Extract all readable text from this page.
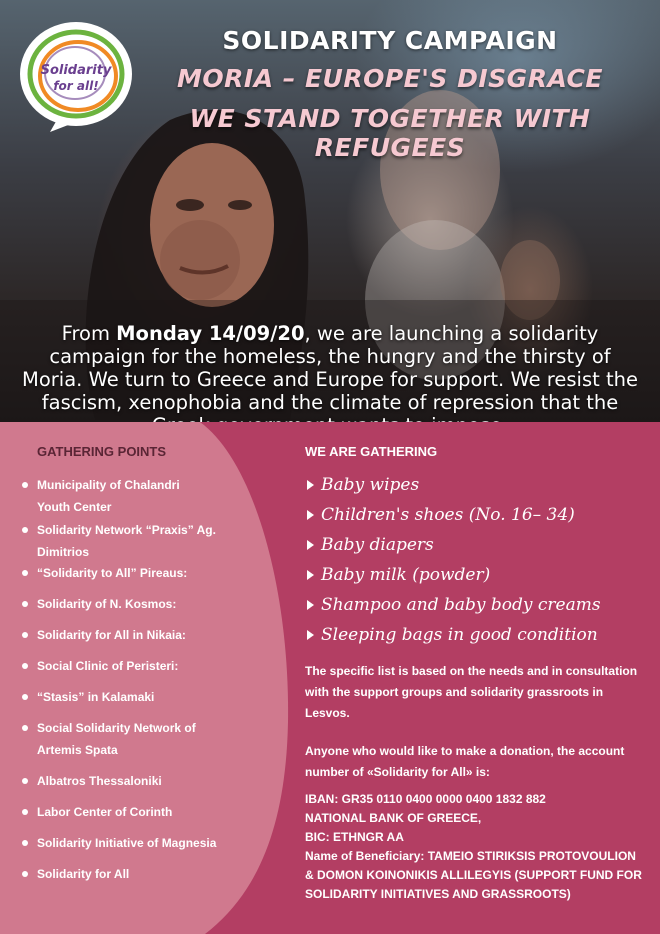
Solidarity
for all!
SOLIDARITY CAMPAIGN
MORIA – EUROPE'S DISGRACE
WE STAND TOGETHER WITH REFUGEES
From Monday 14/09/20, we are launching a solidarity campaign for the homeless, the hungry and the thirsty of Moria. We turn to Greece and Europe for support. We resist the fascism, xenophobia and the climate of repression that the
GATHERING POINTS
Municipality of Chalandri Youth Center
Solidarity Network “Praxis” Ag. Dimitrios
“Solidarity to All” Pireaus:
Solidarity of N. Kosmos:
Solidarity for All in Nikaia:
Social Clinic of Peristeri:
“Stasis” in Kalamaki
Social Solidarity Network of Artemis Spata
Albatros Thessaloniki
Labor Center of Corinth
Solidarity Initiative of Magnesia
Solidarity for All
WE ARE GATHERING
Baby wipes
Children's shoes (No. 16– 34)
Baby diapers
Baby milk (powder)
Shampoo and baby body creams
Sleeping bags in good condition
The specific list is based on the needs and in consultation with the support groups and solidarity grassroots in Lesvos.
Anyone who would like to make a donation, the account number of «Solidarity for All» is:
IBAN: GR35 0110 0400 0000 0400 1832 882
NATIONAL BANK OF GREECE,
BIC: ETHNGR AA
Name of Beneficiary: TAMEIO STIRIKSIS PROTOVOULION
& DOMON KOINONIKIS ALLILEGYIS (SUPPORT FUND FOR
SOLIDARITY INITIATIVES AND GRASSROOTS)
